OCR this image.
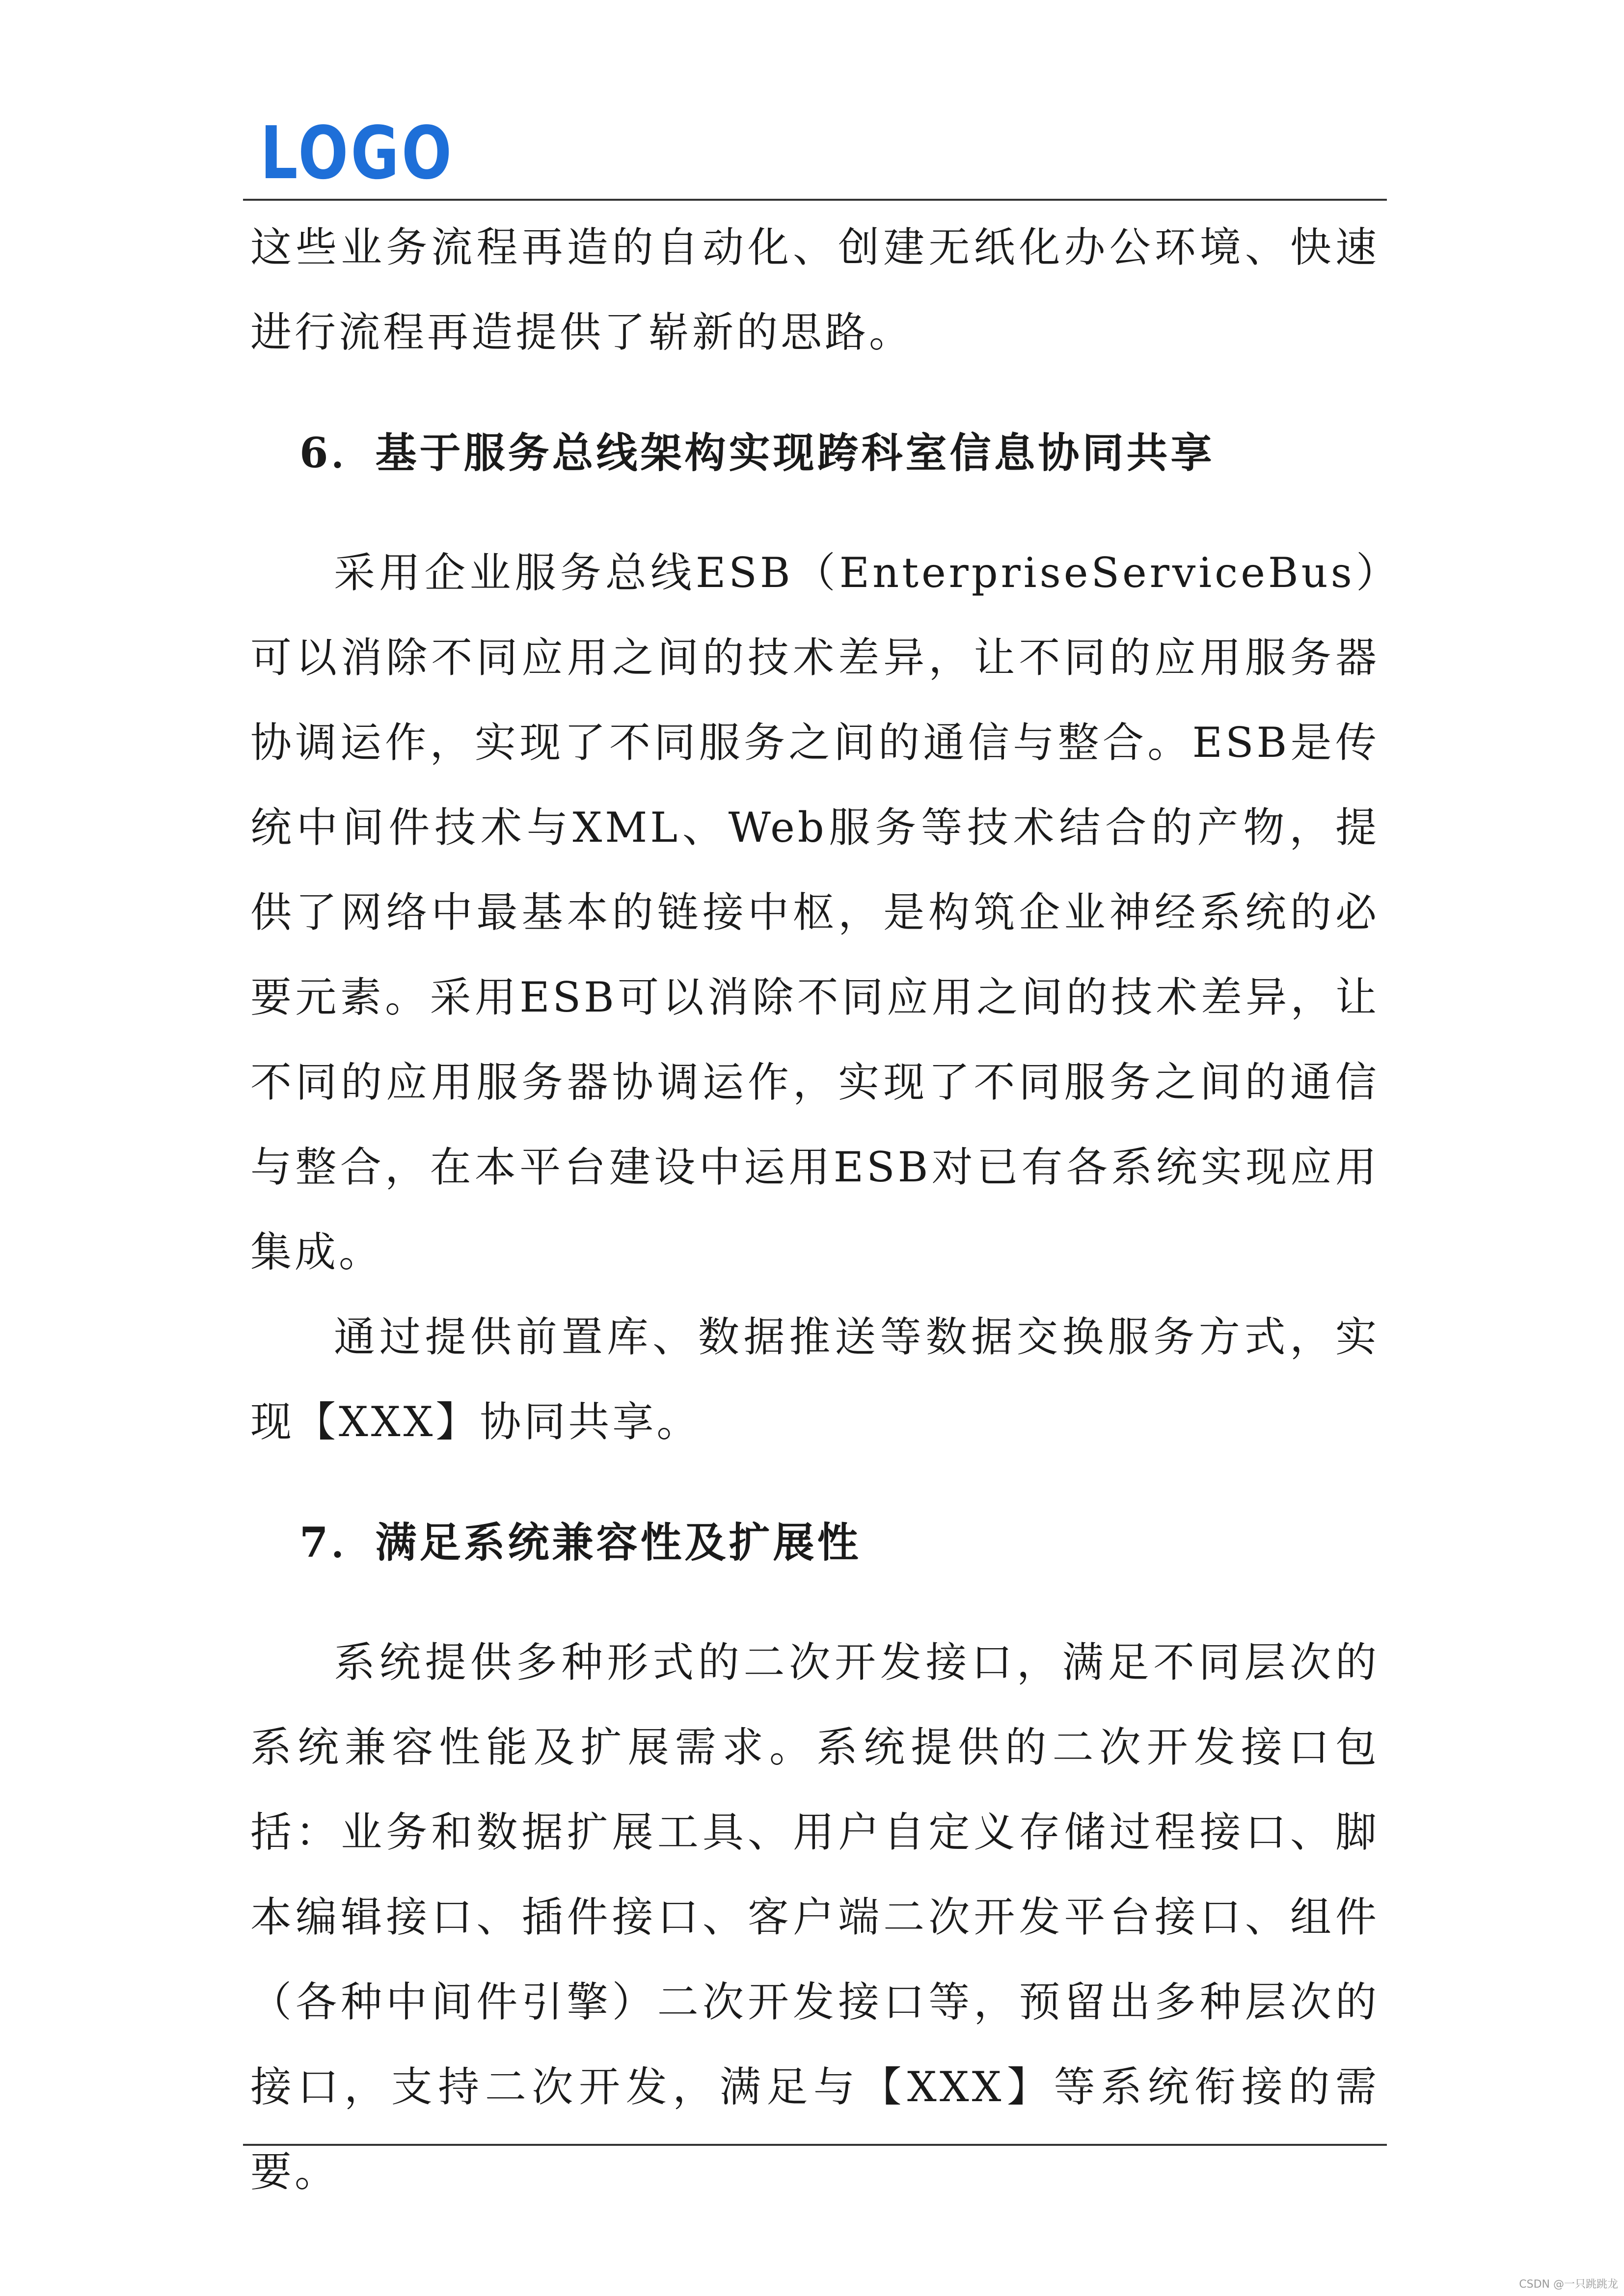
LOGO

这些业务流程再造的自动化、创建无纸化办公环境、快速进行流程再造提供了崭新的思路。

6．基于服务总线架构实现跨科室信息协同共享

采用企业服务总线ESB（EnterpriseServiceBus）可以消除不同应用之间的技术差异，让不同的应用服务器协调运作，实现了不同服务之间的通信与整合。ESB是传统中间件技术与XML、Web服务等技术结合的产物，提供了网络中最基本的链接中枢，是构筑企业神经系统的必要元素。采用ESB可以消除不同应用之间的技术差异，让不同的应用服务器协调运作，实现了不同服务之间的通信与整合，在本平台建设中运用ESB对已有各系统实现应用集成。

通过提供前置库、数据推送等数据交换服务方式，实现【XXX】协同共享。

7．满足系统兼容性及扩展性

系统提供多种形式的二次开发接口，满足不同层次的系统兼容性能及扩展需求。系统提供的二次开发接口包括：业务和数据扩展工具、用户自定义存储过程接口、脚本编辑接口、插件接口、客户端二次开发平台接口、组件（各种中间件引擎）二次开发接口等，预留出多种层次的接口，支持二次开发，满足与【XXX】等系统衔接的需要。

CSDN @一只跳跳龙
